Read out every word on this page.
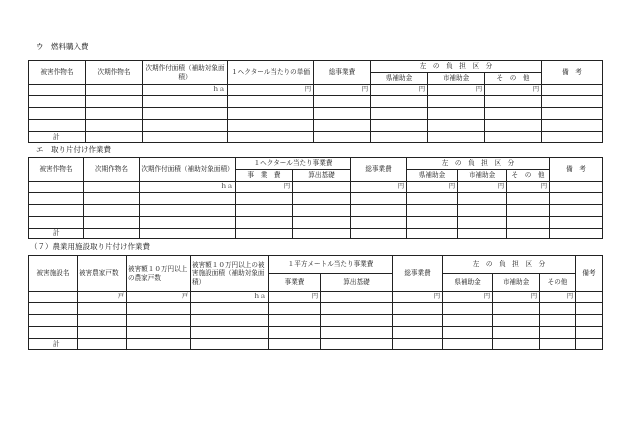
ウ　燃料購入費
被害作物名	次期作物名	次期作付面積（補助対象面積）	１ヘクタール当たりの単価	総事業費	左　の　負　担　区　分			備　考
					県補助金	市補助金	そ　の　他	
		ｈａ	円	円	円	円	円	

計								
エ　取り片付け作業費
被害作物名	次期作物名	次期作付面積（補助対象面積）	１ヘクタール当たり事業費		総事業費	左　の　負　担　区　分			備　考
			事　業　費	算出基礎		県補助金	市補助金	そ　の　他	
		ｈａ	円		円	円	円	円	

計									
（７）農業用施設取り片付け作業費
被害施設名	被害農家戸数	被害額１０万円以上の農家戸数	被害額１０万円以上の被害施設面積（補助対象面積）	１平方メートル当たり事業費		総事業費	左　の　負　担　区　分			備考
				事業費	算出基礎		県補助金	市補助金	その他	
	戸	戸	ｈａ	円		円	円	円	円	

計										
